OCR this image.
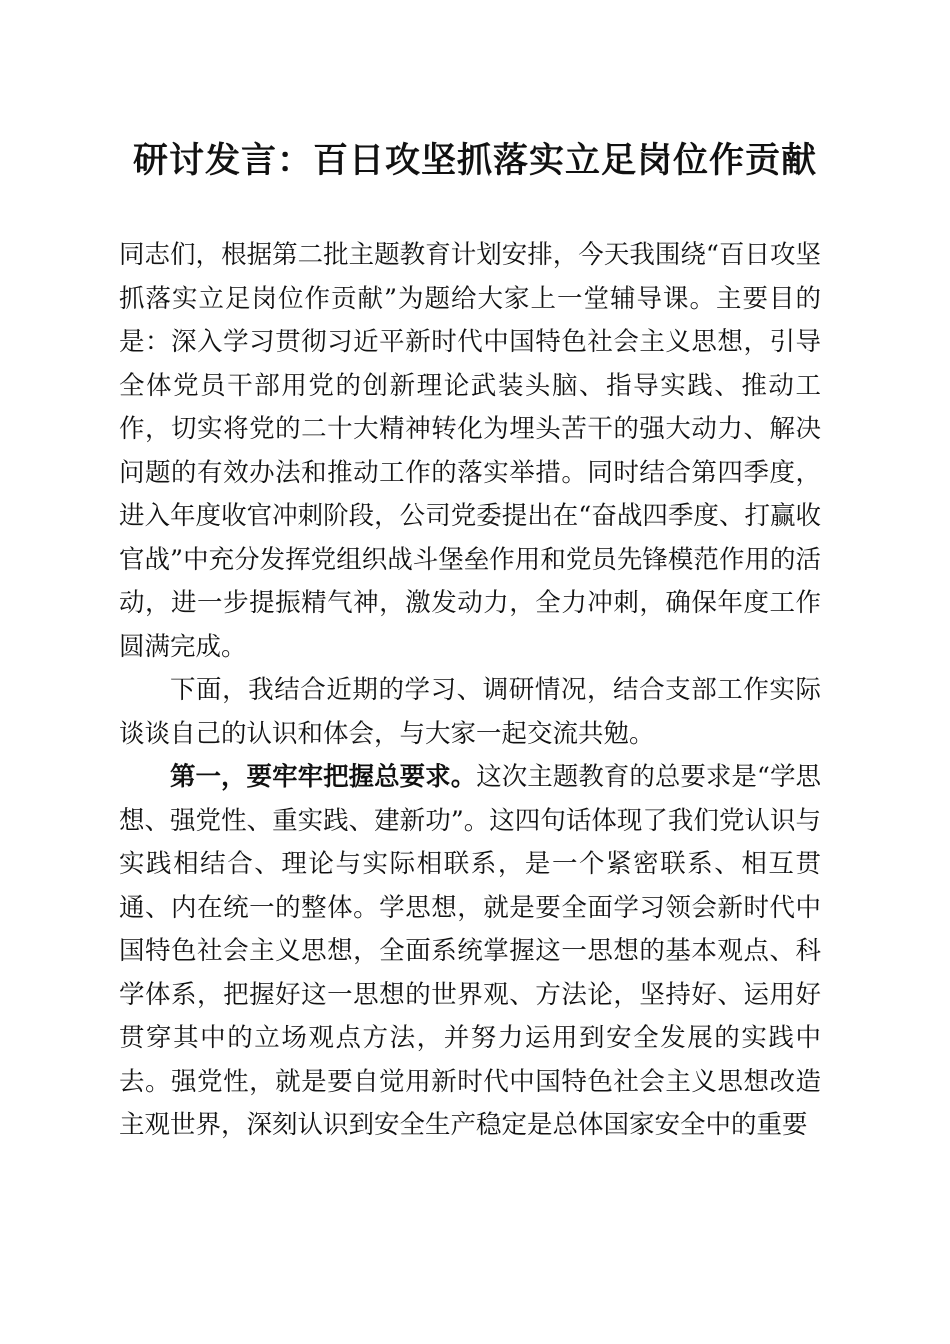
研讨发言：百日攻坚抓落实立足岗位作贡献

同志们，根据第二批主题教育计划安排，今天我围绕“百日攻坚抓落实立足岗位作贡献”为题给大家上一堂辅导课。主要目的是：深入学习贯彻习近平新时代中国特色社会主义思想，引导全体党员干部用党的创新理论武装头脑、指导实践、推动工作，切实将党的二十大精神转化为埋头苦干的强大动力、解决问题的有效办法和推动工作的落实举措。同时结合第四季度，进入年度收官冲刺阶段，公司党委提出在“奋战四季度、打赢收官战”中充分发挥党组织战斗堡垒作用和党员先锋模范作用的活动，进一步提振精气神，激发动力，全力冲刺，确保年度工作圆满完成。

下面，我结合近期的学习、调研情况，结合支部工作实际谈谈自己的认识和体会，与大家一起交流共勉。

第一，要牢牢把握总要求。这次主题教育的总要求是“学思想、强党性、重实践、建新功”。这四句话体现了我们党认识与实践相结合、理论与实际相联系，是一个紧密联系、相互贯通、内在统一的整体。学思想，就是要全面学习领会新时代中国特色社会主义思想，全面系统掌握这一思想的基本观点、科学体系，把握好这一思想的世界观、方法论，坚持好、运用好贯穿其中的立场观点方法，并努力运用到安全发展的实践中去。强党性，就是要自觉用新时代中国特色社会主义思想改造主观世界，深刻认识到安全生产稳定是总体国家安全中的重要
